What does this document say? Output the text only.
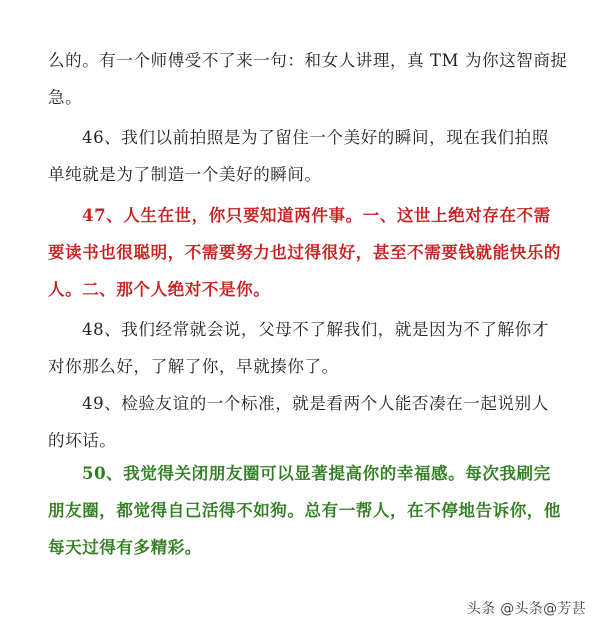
么的。有一个师傅受不了来一句：和女人讲理，真 TM 为你这智商捉
急。

46、我们以前拍照是为了留住一个美好的瞬间，现在我们拍照
单纯就是为了制造一个美好的瞬间。

47、人生在世，你只要知道两件事。一、这世上绝对存在不需
要读书也很聪明，不需要努力也过得很好，甚至不需要钱就能快乐的
人。二、那个人绝对不是你。

48、我们经常就会说，父母不了解我们，就是因为不了解你才
对你那么好，了解了你，早就揍你了。

49、检验友谊的一个标准，就是看两个人能否凑在一起说别人
的坏话。

50、我觉得关闭朋友圈可以显著提高你的幸福感。每次我刷完
朋友圈，都觉得自己活得不如狗。总有一帮人，在不停地告诉你，他
每天过得有多精彩。

头条 @头条@芳甚
